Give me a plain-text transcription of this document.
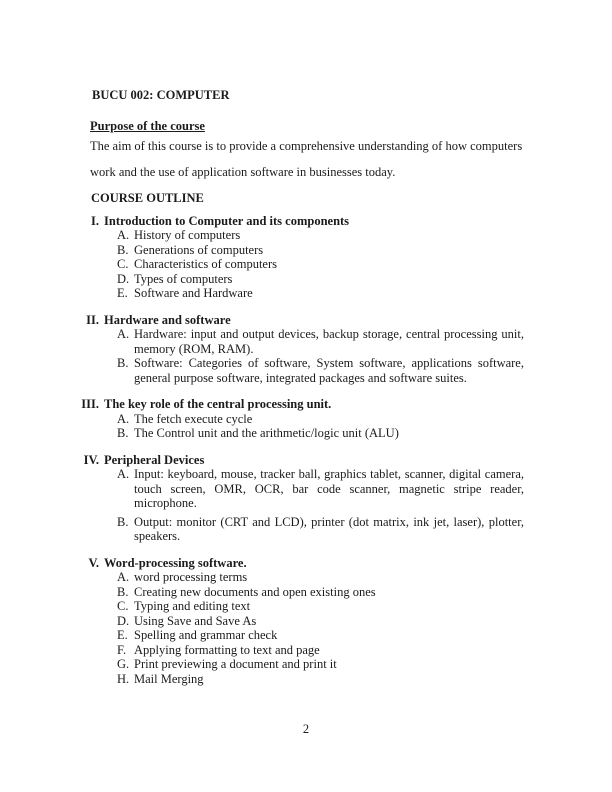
BUCU 002: COMPUTER
Purpose of the course
The aim of this course is to provide a comprehensive understanding of how computers work and the use of application software in businesses today.
COURSE OUTLINE
I. Introduction to Computer and its components
A. History of computers
B. Generations of computers
C. Characteristics of computers
D. Types of computers
E. Software and Hardware
II. Hardware and software
A. Hardware: input and output devices, backup storage, central processing unit, memory (ROM, RAM).
B. Software: Categories of software, System software, applications software, general purpose software, integrated packages and software suites.
III. The key role of the central processing unit.
A. The fetch execute cycle
B. The Control unit and the arithmetic/logic unit (ALU)
IV. Peripheral Devices
A. Input: keyboard, mouse, tracker ball, graphics tablet, scanner, digital camera, touch screen, OMR, OCR, bar code scanner, magnetic stripe reader, microphone.
B. Output: monitor (CRT and LCD), printer (dot matrix, ink jet, laser), plotter, speakers.
V. Word-processing software.
A. word processing terms
B. Creating new documents and open existing ones
C. Typing and editing text
D. Using Save and Save As
E. Spelling and grammar check
F. Applying formatting to text and page
G. Print previewing a document and print it
H. Mail Merging
2
